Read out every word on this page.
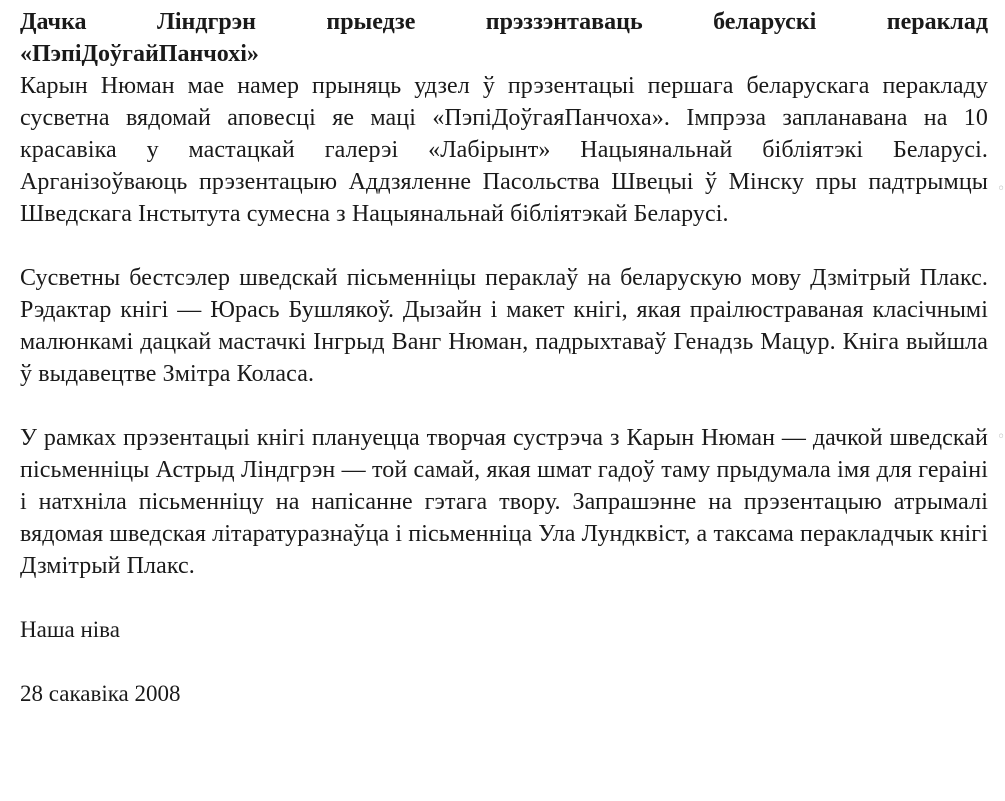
Дачка Ліндгрэн прыедзе прэззэнтаваць беларускі пераклад
«ПэпіДоўгайПанчохі»

Карын Нюман мае намер прыняць удзел ў прэзентацыі першага беларускага перакладу сусветна вядомай аповесці яе маці «ПэпіДоўгаяПанчоха». Імпрэза запланавана на 10 красавіка у мастацкай галерэі «Лабірынт» Нацыянальнай бібліятэкі Беларусі. Арганізоўваюць прэзентацыю Аддзяленне Пасольства Швецыі ў Мінску пры падтрымцы Шведскага Інстытута сумесна з Нацыянальнай бібліятэкай Беларусі.

Сусветны бестсэлер шведскай пісьменніцы пераклаў на беларускую мову Дзмітрый Плакс. Рэдактар кнігі — Юрась Бушлякоў. Дызайн і макет кнігі, якая праілюстраваная класічнымі малюнкамі дацкай мастачкі Інгрыд Ванг Нюман, падрыхтаваў Генадзь Мацур. Кніга выйшла ў выдавецтве Змітра Коласа.

У рамках прэзентацыі кнігі плануецца творчая сустрэча з Карын Нюман — дачкой шведскай пісьменніцы Астрыд Ліндгрэн — той самай, якая шмат гадоў таму прыдумала імя для гераіні і натхніла пісьменніцу на напісанне гэтага твору. Запрашэнне на прэзентацыю атрымалі вядомая шведская літаратуразнаўца і пісьменніца Ула Лундквіст, а таксама перакладчык кнігі Дзмітрый Плакс.

Наша ніва

28 сакавіка 2008

◦
◦
